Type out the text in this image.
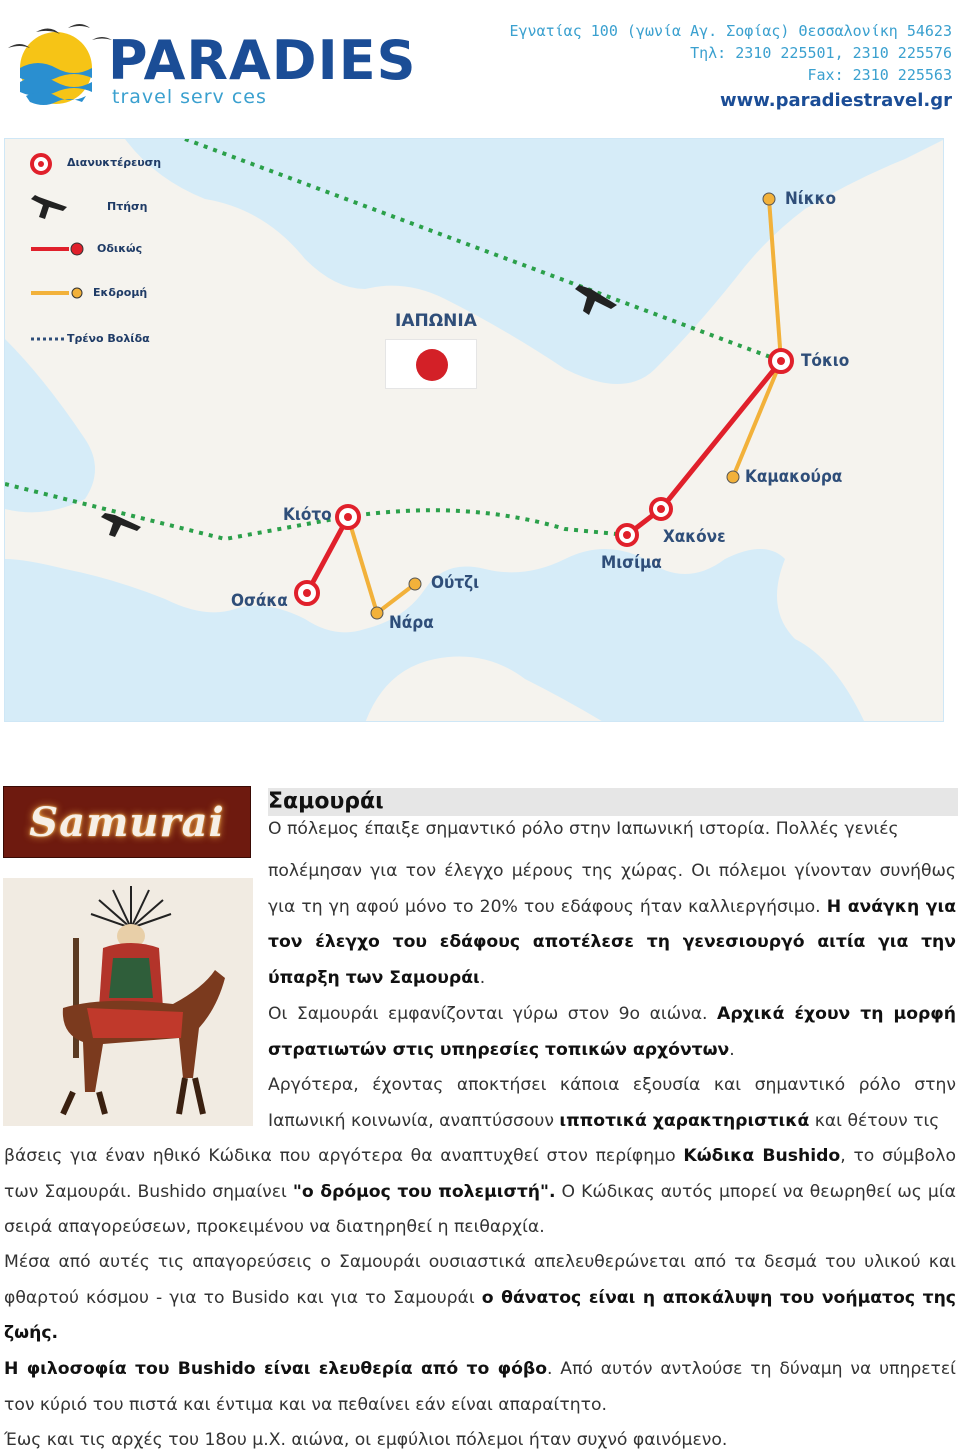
PARADIES
travel serv ces
Εγνατίας 100 (γωνία Αγ. Σοφίας) Θεσσαλονίκη 54623
Τηλ: 2310 225501, 2310 225576
Fax: 2310 225563
www.paradiestravel.gr
Διανυκτέρευση
Πτήση
Οδικώς
Εκδρομή
Τρένο Βολίδα
ΙΑΠΩΝΙΑ
Νίκκο
Τόκιο
Καμακούρα
Χακόνε
Μισίμα
Κιότο
Ούτζι
Νάρα
Οσάκα
Samurai Σαμουράι

Ο πόλεμος έπαιξε σημαντικό ρόλο στην Ιαπωνική ιστορία. Πολλές γενιές

πολέμησαν για τον έλεγχο μέρους της χώρας. Οι πόλεμοι γίνονταν συνήθως για τη γη αφού μόνο το 20% του εδάφους ήταν καλλιεργήσιμο. Η ανάγκη για τον έλεγχο του εδάφους αποτέλεσε τη γενεσιουργό αιτία για την ύπαρξη των Σαμουράι.

Οι Σαμουράι εμφανίζονται γύρω στον 9ο αιώνα. Αρχικά έχουν τη μορφή στρατιωτών στις υπηρεσίες τοπικών αρχόντων.

Αργότερα, έχοντας αποκτήσει κάποια εξουσία και σημαντικό ρόλο στην Ιαπωνική κοινωνία, αναπτύσσουν ιπποτικά χαρακτηριστικά και θέτουν τις

βάσεις για έναν ηθικό Κώδικα που αργότερα θα αναπτυχθεί στον περίφημο Κώδικα Bushido, το σύμβολο των Σαμουράι. Bushido σημαίνει "ο δρόμος του πολεμιστή". Ο Κώδικας αυτός μπορεί να θεωρηθεί ως μία σειρά απαγορεύσεων, προκειμένου να διατηρηθεί η πειθαρχία.

Μέσα από αυτές τις απαγορεύσεις ο Σαμουράι ουσιαστικά απελευθερώνεται από τα δεσμά του υλικού και φθαρτού κόσμου - για το Busido και για το Σαμουράι ο θάνατος είναι η αποκάλυψη του νοήματος της ζωής.

Η φιλοσοφία του Bushido είναι ελευθερία από το φόβο. Από αυτόν αντλούσε τη δύναμη να υπηρετεί τον κύριό του πιστά και έντιμα και να πεθαίνει εάν είναι απαραίτητο.

Έως και τις αρχές του 18ου μ.Χ. αιώνα, οι εμφύλιοι πόλεμοι ήταν συχνό φαινόμενο.
